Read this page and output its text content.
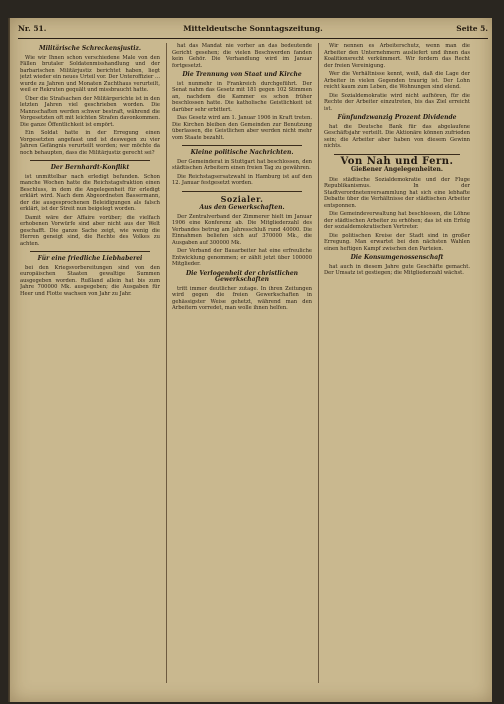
Nr. 51.	Mitteldeutsche Sonntagszeitung.	Seite 5.
Militärische Schreckensjustiz.

Wie wir Ihnen schon verschiedene Male von den Fällen brutaler Soldatenmisshandlung und der barbarischen Militärjustiz berichtet haben, liegt jetzt wieder ein neues Urteil vor. Der Unteroffizier ... wurde zu Jahren und Monaten Zuchthaus verurteilt, weil er Rekruten gequält und missbraucht hatte.

Über die Strafsachen der Militärgerichte ist in den letzten Jahren viel geschrieben worden. Die Mannschaften werden schwer bestraft, während die Vorgesetzten oft mit leichten Strafen davonkommen. Die ganze Öffentlichkeit ist empört.

Ein Soldat hatte in der Erregung einen Vorgesetzten angefasst und ist deswegen zu vier Jahren Gefängnis verurteilt worden; wer möchte da noch behaupten, dass die Militärjustiz gerecht sei?

Der Bernhardt-Konflikt

ist unmittelbar nach erledigt befunden. Schon manche Wochen hatte die Reichstagsfraktion einen Beschluss, in dem die Angelegenheit für erledigt erklärt wird. Nach dem Abgeordneten Bassermann, der die ausgesprochenen Beleidigungen als falsch erklärt, ist der Streit nun beigelegt worden.

Damit wäre der Affaire vorüber; die vielfach erhobenen Vorwürfe sind aber nicht aus der Welt geschafft. Die ganze Sache zeigt, wie wenig die Herren geneigt sind, die Rechte des Volkes zu achten.

Für eine friedliche Liebhaberei

bei den Kriegsvorbereitungen sind von den europäischen Staaten gewaltige Summen ausgegeben worden. Rußland allein hat bis zum Jahre 700000 Mk. ausgegeben; die Ausgaben für Heer und Flotte wachsen von Jahr zu Jahr.

hat das Mandat nie vorher an das bedeutende Gericht gesehen; die vielen Beschwerden fanden kein Gehör. Die Verhandlung wird im Januar fortgesetzt.

Die Trennung von Staat und Kirche

ist nunmehr in Frankreich durchgeführt. Der Senat nahm das Gesetz mit 181 gegen 102 Stimmen an, nachdem die Kammer es schon früher beschlossen hatte. Die katholische Geistlichkeit ist darüber sehr erbittert.

Das Gesetz wird am 1. Januar 1906 in Kraft treten. Die Kirchen bleiben den Gemeinden zur Benutzung überlassen, die Geistlichen aber werden nicht mehr vom Staate bezahlt.

Kleine politische Nachrichten.

Der Gemeinderat in Stuttgart hat beschlossen, den städtischen Arbeitern einen freien Tag zu gewähren.

Die Reichstagsersatzwahl in Hamburg ist auf den 12. Januar festgesetzt worden.

Sozialer.
Aus den Gewerkschaften.

Der Zentralverband der Zimmerer hielt im Januar 1906 eine Konferenz ab. Die Mitgliederzahl des Verbandes betrug am Jahresschluß rund 40000. Die Einnahmen beliefen sich auf 370000 Mk., die Ausgaben auf 300000 Mk.

Der Verband der Bauarbeiter hat eine erfreuliche Entwicklung genommen; er zählt jetzt über 100000 Mitglieder.

Die Verlogenheit der christlichen Gewerkschaften

tritt immer deutlicher zutage. In ihren Zeitungen wird gegen die freien Gewerkschaften in gehässigster Weise gehetzt, während man den Arbeitern vorredet, man wolle ihnen helfen.

Wir nennen es Arbeiterschutz, wenn man die Arbeiter den Unternehmern ausliefert und ihnen das Koalitionsrecht verkümmert. Wir fordern das Recht der freien Vereinigung.

Wer die Verhältnisse kennt, weiß, daß die Lage der Arbeiter in vielen Gegenden traurig ist. Der Lohn reicht kaum zum Leben, die Wohnungen sind elend.

Die Sozialdemokratie wird nicht aufhören, für die Rechte der Arbeiter einzutreten, bis das Ziel erreicht ist.

Fünfundzwanzig Prozent Dividende

hat die Deutsche Bank für das abgelaufene Geschäftsjahr verteilt. Die Aktionäre können zufrieden sein; die Arbeiter aber haben von diesem Gewinn nichts.

Von Nah und Fern.
Gießener Angelegenheiten.

Die städtische Sozialdemokratie und der Fluge Republikanismus. In der Stadtverordnetenversammlung hat sich eine lebhafte Debatte über die Verhältnisse der städtischen Arbeiter entsponnen.

Die Gemeindeverwaltung hat beschlossen, die Löhne der städtischen Arbeiter zu erhöhen; das ist ein Erfolg der sozialdemokratischen Vertreter.

Die politischen Kreise der Stadt sind in großer Erregung. Man erwartet bei den nächsten Wahlen einen heftigen Kampf zwischen den Parteien.

Die Konsumgenossenschaft

hat auch in diesem Jahre gute Geschäfte gemacht. Der Umsatz ist gestiegen; die Mitgliederzahl wächst.
